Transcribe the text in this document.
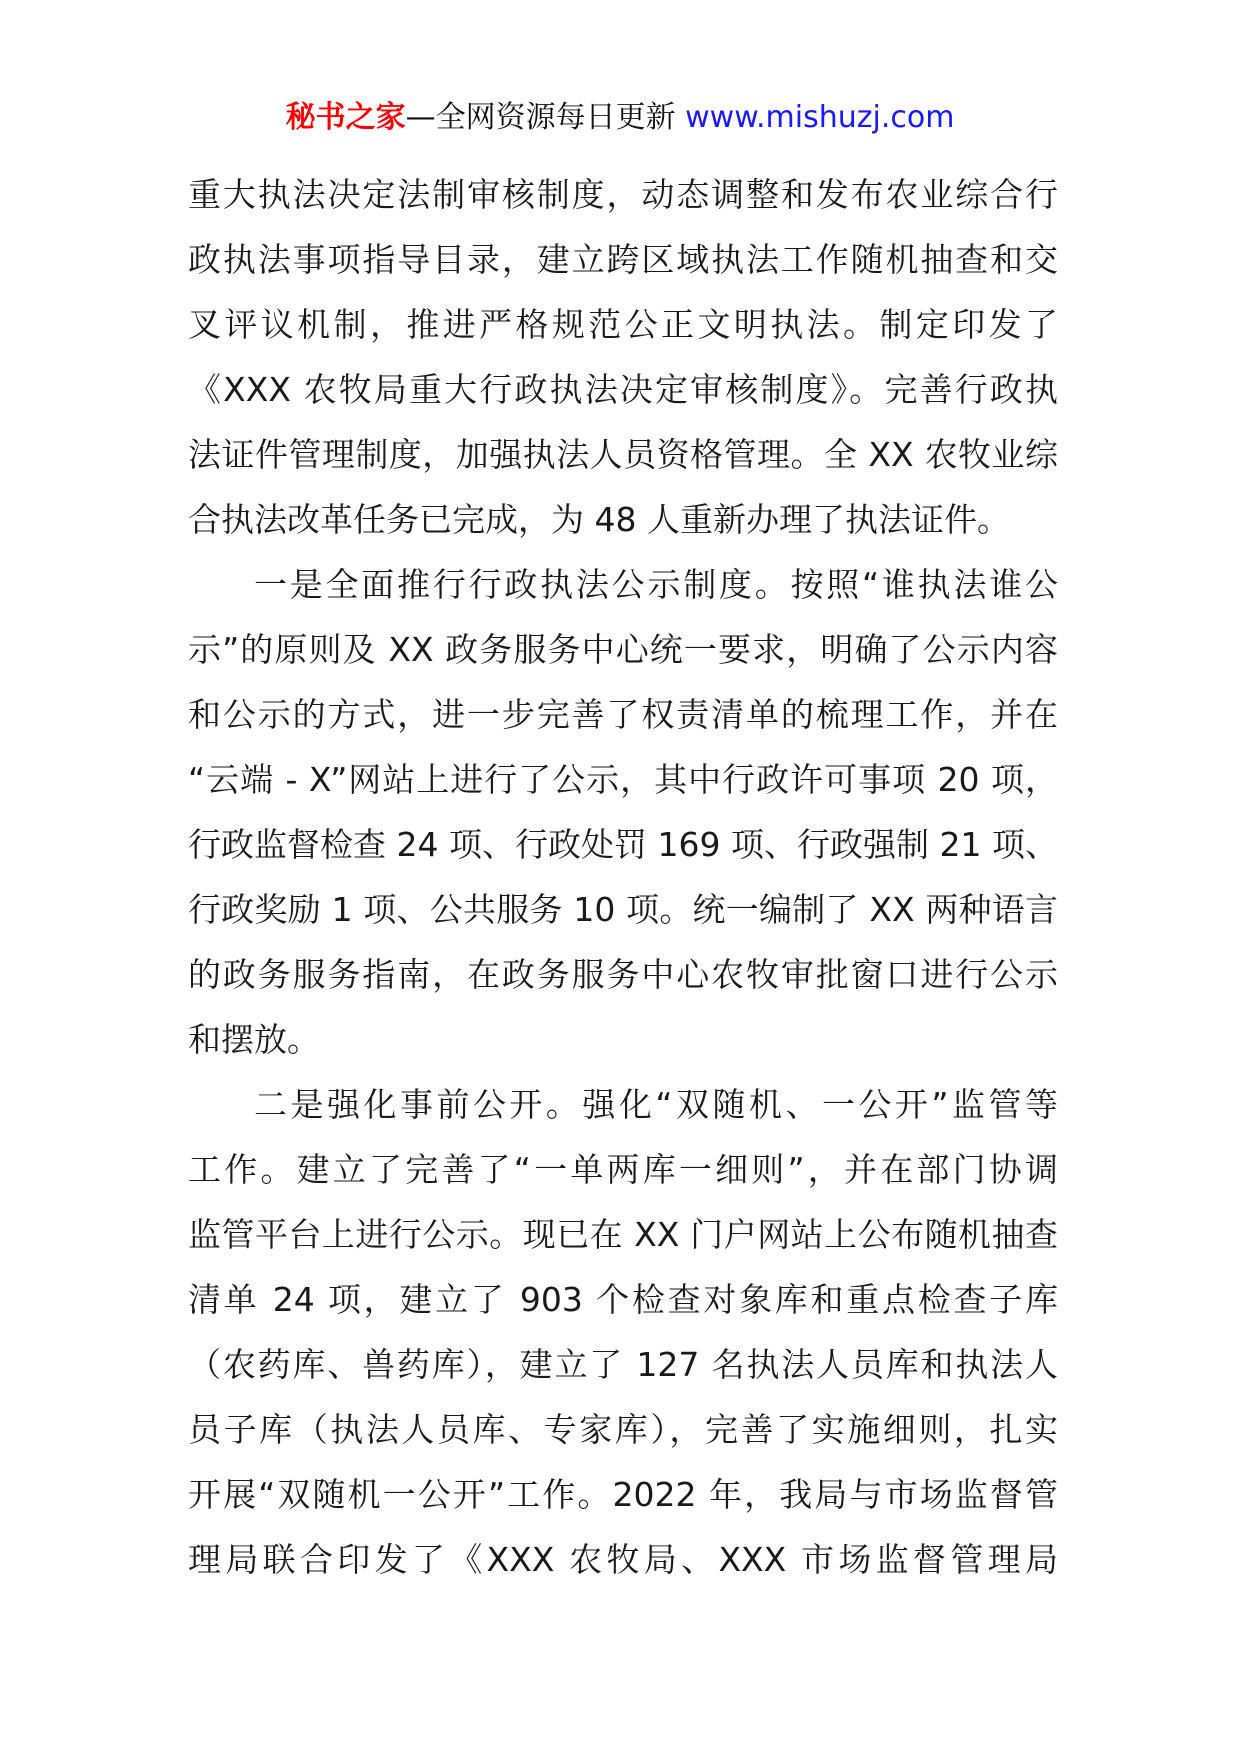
秘书之家—全网资源每日更新 www.mishuzj.com
重大执法决定法制审核制度，动态调整和发布农业综合行
政执法事项指导目录，建立跨区域执法工作随机抽查和交
叉评议机制，推进严格规范公正文明执法。制定印发了
《XXX 农牧局重大行政执法决定审核制度》。完善行政执
法证件管理制度，加强执法人员资格管理。全 XX 农牧业综
合执法改革任务已完成，为 48 人重新办理了执法证件。
一是全面推行行政执法公示制度。按照“谁执法谁公
示”的原则及 XX 政务服务中心统一要求，明确了公示内容
和公示的方式，进一步完善了权责清单的梳理工作，并在
“云端 - X”网站上进行了公示，其中行政许可事项 20 项，
行政监督检查 24 项、行政处罚 169 项、行政强制 21 项、
行政奖励 1 项、公共服务 10 项。统一编制了 XX 两种语言
的政务服务指南，在政务服务中心农牧审批窗口进行公示
和摆放。
二是强化事前公开。强化“双随机、一公开”监管等
工作。建立了完善了“一单两库一细则”，并在部门协调
监管平台上进行公示。现已在 XX 门户网站上公布随机抽查
清单 24 项，建立了 903 个检查对象库和重点检查子库
（农药库、兽药库），建立了 127 名执法人员库和执法人
员子库（执法人员库、专家库），完善了实施细则，扎实
开展“双随机一公开”工作。2022 年，我局与市场监督管
理局联合印发了《XXX 农牧局、XXX 市场监督管理局
